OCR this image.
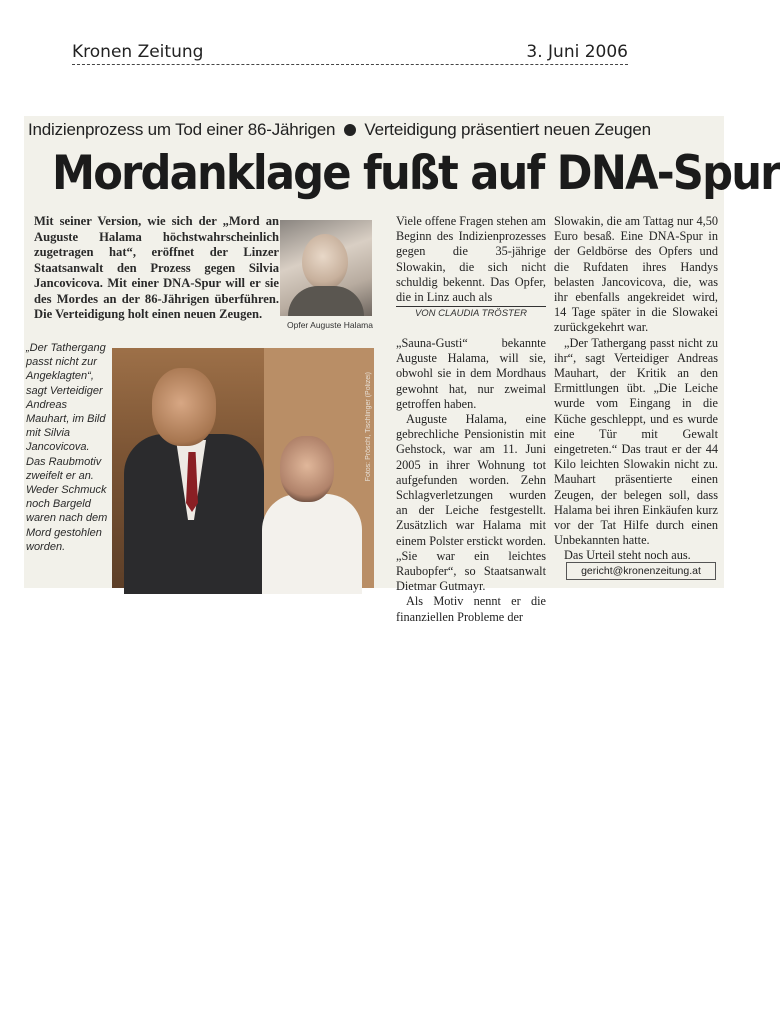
Kronen Zeitung	3. Juni 2006
Indizienprozess um Tod einer 86-Jährigen Verteidigung präsentiert neuen Zeugen
Mordanklage fußt auf DNA-Spur

Mit seiner Version, wie sich der „Mord an Auguste Halama höchstwahrscheinlich zugetragen hat“, eröffnet der Linzer Staatsanwalt den Prozess gegen Silvia Jancovicova. Mit einer DNA-Spur will er sie des Mordes an der 86-Jährigen überführen. Die Verteidigung holt einen neuen Zeugen.

Opfer Auguste Halama

„Der Tathergang passt nicht zur Angeklagten“, sagt Verteidiger Andreas Mauhart, im Bild mit Silvia Jancovicova. Das Raubmotiv zweifelt er an. Weder Schmuck noch Bargeld waren nach dem Mord gestohlen worden.

Fotos: Pröschl, Tischlinger (Polizei)

Viele offene Fragen stehen am Beginn des Indizienprozesses gegen die 35-jährige Slowakin, die sich nicht schuldig bekennt. Das Opfer, die in Linz auch als

VON CLAUDIA TRÖSTER

„Sauna-Gusti“ bekannte Auguste Halama, will sie, obwohl sie in dem Mordhaus gewohnt hat, nur zweimal getroffen haben.

Auguste Halama, eine gebrechliche Pensionistin mit Gehstock, war am 11. Juni 2005 in ihrer Wohnung tot aufgefunden worden. Zehn Schlagverletzungen wurden an der Leiche festgestellt. Zusätzlich war Halama mit einem Polster erstickt worden. „Sie war ein leichtes Raubopfer“, so Staatsanwalt Dietmar Gutmayr.

Als Motiv nennt er die finanziellen Probleme der

Slowakin, die am Tattag nur 4,50 Euro besaß. Eine DNA-Spur in der Geldbörse des Opfers und die Rufdaten ihres Handys belasten Jancovicova, die, was ihr ebenfalls angekreidet wird, 14 Tage später in die Slowakei zurückgekehrt war.

„Der Tathergang passt nicht zu ihr“, sagt Verteidiger Andreas Mauhart, der Kritik an den Ermittlungen übt. „Die Leiche wurde vom Eingang in die Küche geschleppt, und es wurde eine Tür mit Gewalt eingetreten.“ Das traut er der 44 Kilo leichten Slowakin nicht zu. Mauhart präsentierte einen Zeugen, der belegen soll, dass Halama bei ihren Einkäufen kurz vor der Tat Hilfe durch einen Unbekannten hatte.

Das Urteil steht noch aus.

gericht@kronenzeitung.at
